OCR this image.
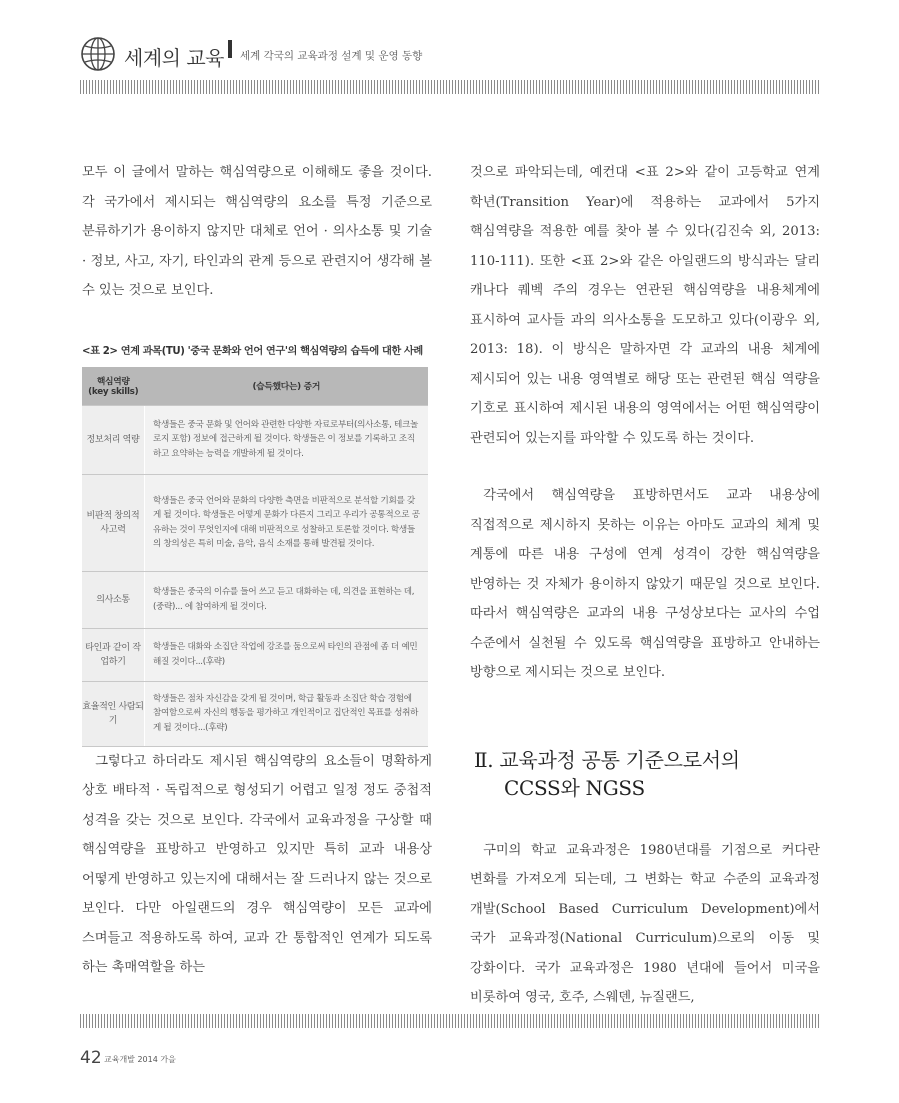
세계의 교육 세계 각국의 교육과정 설계 및 운영 동향

모두 이 글에서 말하는 핵심역량으로 이해해도 좋을 것이다. 각 국가에서 제시되는 핵심역량의 요소를 특정 기준으로 분류하기가 용이하지 않지만 대체로 언어 · 의사소통 및 기술 · 정보, 사고, 자기, 타인과의 관계 등으로 관련지어 생각해 볼 수 있는 것으로 보인다.

<표 2> 연계 과목(TU) '중국 문화와 언어 연구'의 핵심역량의 습득에 대한 사례
핵심역량
(key skills)	(습득했다는) 증거
정보처리 역량	학생들은 중국 문화 및 언어와 관련한 다양한 자료로부터(의사소통, 테크놀로지 포함) 정보에 접근하게 될 것이다. 학생들은 이 정보를 기록하고 조직하고 요약하는 능력을 개발하게 될 것이다.
비판적 창의적 사고력	학생들은 중국 언어와 문화의 다양한 측면을 비판적으로 분석할 기회를 갖게 될 것이다. 학생들은 어떻게 문화가 다른지 그리고 우리가 공통적으로 공유하는 것이 무엇인지에 대해 비판적으로 성찰하고 토론할 것이다. 학생들의 창의성은 특히 미술, 음악, 음식 소재를 통해 발견될 것이다.
의사소통	학생들은 중국의 이슈를 들어 쓰고 듣고 대화하는 데, 의견을 표현하는 데, (중략)... 에 참여하게 될 것이다.
타인과 같이 작업하기	학생들은 대화와 소집단 작업에 강조를 둠으로써 타인의 관점에 좀 더 예민해질 것이다...(후략)
효율적인 사람되기	학생들은 점차 자신감을 갖게 될 것이며, 학급 활동과 소집단 학습 경험에 참여함으로써 자신의 행동을 평가하고 개인적이고 집단적인 목표를 성취하게 될 것이다...(후략)

그렇다고 하더라도 제시된 핵심역량의 요소들이 명확하게 상호 배타적 · 독립적으로 형성되기 어렵고 일정 정도 중첩적 성격을 갖는 것으로 보인다. 각국에서 교육과정을 구상할 때 핵심역량을 표방하고 반영하고 있지만 특히 교과 내용상 어떻게 반영하고 있는지에 대해서는 잘 드러나지 않는 것으로 보인다. 다만 아일랜드의 경우 핵심역량이 모든 교과에 스며들고 적용하도록 하여, 교과 간 통합적인 연계가 되도록 하는 촉매역할을 하는

것으로 파악되는데, 예컨대 <표 2>와 같이 고등학교 연계 학년(Transition Year)에 적용하는 교과에서 5가지 핵심역량을 적용한 예를 찾아 볼 수 있다(김진숙 외, 2013: 110-111). 또한 <표 2>와 같은 아일랜드의 방식과는 달리 캐나다 퀘벡 주의 경우는 연관된 핵심역량을 내용체계에 표시하여 교사들 과의 의사소통을 도모하고 있다(이광우 외, 2013: 18). 이 방식은 말하자면 각 교과의 내용 체계에 제시되어 있는 내용 영역별로 해당 또는 관련된 핵심 역량을 기호로 표시하여 제시된 내용의 영역에서는 어떤 핵심역량이 관련되어 있는지를 파악할 수 있도록 하는 것이다.

각국에서 핵심역량을 표방하면서도 교과 내용상에 직접적으로 제시하지 못하는 이유는 아마도 교과의 체계 및 계통에 따른 내용 구성에 연계 성격이 강한 핵심역량을 반영하는 것 자체가 용이하지 않았기 때문일 것으로 보인다. 따라서 핵심역량은 교과의 내용 구성상보다는 교사의 수업 수준에서 실천될 수 있도록 핵심역량을 표방하고 안내하는 방향으로 제시되는 것으로 보인다.

Ⅱ. 교육과정 공통 기준으로서의
CCSS와 NGSS

구미의 학교 교육과정은 1980년대를 기점으로 커다란 변화를 가져오게 되는데, 그 변화는 학교 수준의 교육과정 개발(School Based Curriculum Development)에서 국가 교육과정(National Curriculum)으로의 이동 및 강화이다. 국가 교육과정은 1980 년대에 들어서 미국을 비롯하여 영국, 호주, 스웨덴, 뉴질랜드,

42 교육개발 2014 가을
